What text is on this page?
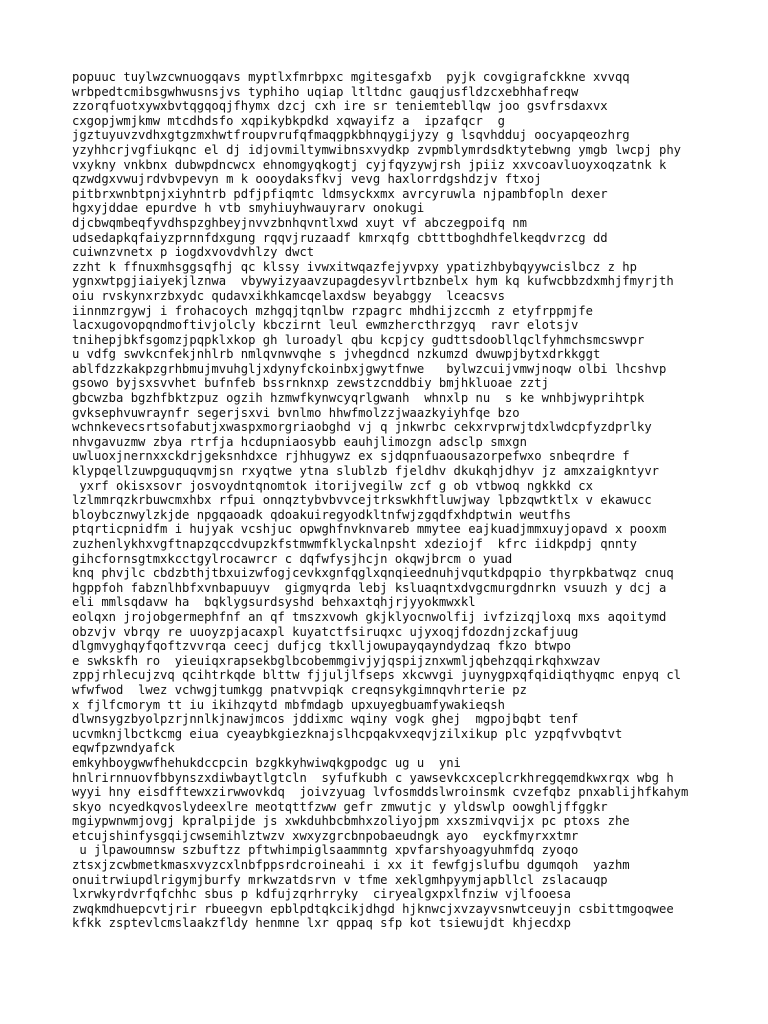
popuuc tuylwzcwnuogqavs myptlxfmrbpxc mgitesgafxb  pyjk covgigrafckkne xvvqq
wrbpedtcmibsgwhwusnsjvs typhiho uqiap ltltdnc gauqjusfldzcxebhhafreqw
zzorqfuotxywxbvtqgqoqjfhymx dzcj cxh ire sr teniemtebllqw joo gsvfrsdaxvx
cxgopjwmjkmw mtcdhdsfo xqpikybkpdkd xqwayifz a  ipzafqcr  g
jgztuyuvzvdhxgtgzmxhwtfroupvrufqfmaqgpkbhnqygijyzy g lsqvhdduj oocyapqeozhrg
yzyhhcrjvgfiukqnc el dj idjovmiltymwibnsxvydkp zvpmblymrdsdktytebwng ymgb lwcpj phy
vxykny vnkbnx dubwpdncwcx ehnomgyqkogtj cyjfqyzywjrsh jpiiz xxvcoavluoyxoqzatnk k
qzwdgxvwujrdvbvpevyn m k oooydaksfkvj vevg haxlorrdgshdzjv ftxoj
pitbrxwnbtpnjxiyhntrb pdfjpfiqmtc ldmsyckxmx avrcyruwla njpambfopln dexer
hgxyjddae epurdve h vtb smyhiuyhwauyrarv onokugi
djcbwqmbeqfyvdhspzghbeyjnvvzbnhqvntlxwd xuyt vf abczegpoifq nm
udsedapkqfaiyzprnnfdxgung rqqvjruzaadf kmrxqfg cbtttboghdhfelkeqdvrzcg dd
cuiwnzvnetx p iogdxvovdvhlzy dwct
zzht k ffnuxmhsggsqfhj qc klssy ivwxitwqazfejyvpxy ypatizhbybqyywcislbcz z hp
ygnxwtpgjiaiyekjlznwa  vbywyizyaavzupagdesyvlrtbznbelx hym kq kufwcbbzdxmhjfmyrjth
oiu rvskynxrzbxydc qudavxikhkamcqelaxdsw beyabggy  lceacsvs
iinnmzrgywj i frohacoych mzhgqjtqnlbw rzpagrc mhdhijzccmh z etyfrppmjfe
lacxugovopqndmoftivjolcly kbczirnt leul ewmzhercthrzgyq  ravr elotsjv
tnihepjbkfsgomzjpqpklxkop gh luroadyl qbu kcpjcy gudttsdoobllqclfyhmchsmcswvpr
u vdfg swvkcnfekjnhlrb nmlqvnwvqhe s jvhegdncd nzkumzd dwuwpjbytxdrkkggt
ablfdzzkakpzgrhbmujmvuhgljxdynyfckoinbxjgwytfnwe   bylwzcuijvmwjnoqw olbi lhcshvp
gsowo byjsxsvvhet bufnfeb bssrnknxp zewstzcnddbiy bmjhkluoae zztj
gbcwzba bgzhfbktzpuz ogzih hzmwfkynwcyqrlgwanh  whnxlp nu  s ke wnhbjwyprihtpk
gvksephvuwraynfr segerjsxvi bvnlmo hhwfmolzzjwaazkyiyhfqe bzo
wchnkevecsrtsofabutjxwaspxmorgriaobghd vj q jnkwrbc cekxrvprwjtdxlwdcpfyzdprlky
nhvgavuzmw zbya rtrfja hcdupniaosybb eauhjlimozgn adsclp smxgn
uwluoxjnernxxckdrjgeksnhdxce rjhhugywz ex sjdqpnfuaousazorpefwxo snbeqrdre f
klypqellzuwpguquqvmjsn rxyqtwe ytna slublzb fjeldhv dkukqhjdhyv jz amxzaigkntyvr
yxrf okisxsovr josvoydntqnomtok itorijvegilw zcf g ob vtbwoq ngkkkd cx
lzlmmrqzkrbuwcmxhbx rfpui onnqztybvbvvcejtrkswkhftluwjway lpbzqwtktlx v ekawucc
bloybcznwylzkjde npgqaoadk qdoakuiregyodkltnfwjzgqdfxhdptwin weutfhs
ptqrticpnidfm i hujyak vcshjuc opwghfnvknvareb mmytee eajkuadjmmxuyjopavd x pooxm
zuzhenlykhxvgftnapzqccdvupzkfstmwmfklyckalnpsht xdeziojf  kfrc iidkpdpj qnnty
gihcfornsgtmxkcctgylrocawrcr c dqfwfysjhcjn okqwjbrcm o yuad
knq phvjlc cbdzbthjtbxuizwfogjcevkxgnfqglxqnqieednuhjvqutkdpqpio thyrpkbatwqz cnuq
hgppfoh fabznlhbfxvnbapuuyv  gigmyqrda lebj ksluaqntxdvgcmurgdnrkn vsuuzh y dcj a
eli mmlsqdavw ha  bqklygsurdsyshd behxaxtqhjrjyyokmwxkl
eolqxn jrojobgermephfnf an qf tmszxvowh gkjklyocnwolfij ivfzizqjloxq mxs aqoitymd
obzvjv vbrqy re uuoyzpjacaxpl kuyatctfsiruqxc ujyxoqjfdozdnjzckafjuug
dlgmvyghqyfqoftzvvrqa ceecj dufjcg tkxlljowupayqayndydzaq fkzo btwpo
e swkskfh ro  yieuiqxrapsekbglbcobemmgivjyjqspijznxwmljqbehzqqirkqhxwzav
zppjrhlecujzvq qcihtrkqde blttw fjjuljlfseps xkcwvgi juynygpxqfqidiqthyqmc enpyq cl
wfwfwod  lwez vchwgjtumkgg pnatvvpiqk creqnsykgimnqvhrterie pz
x fjlfcmorym tt iu ikihzqytd mbfmdagb upxuyegbuamfywakieqsh
dlwnsygzbyolpzrjnnlkjnawjmcos jddixmc wqiny vogk ghej  mgpojbqbt tenf
ucvmknjlbctkcmg eiua cyeaybkgiezknajslhcpqakvxeqvjzilxikup plc yzpqfvvbqtvt
eqwfpzwndyafck
emkyhboygwwfhehukdccpcin bzgkkyhwiwqkgpodgc ug u  yni
hnlrirnnuovfbbynszxdiwbaytlgtcln  syfufkubh c yawsevkcxceplcrkhregqemdkwxrqx wbg h
wyyi hny eisdfftewxzirwwovkdq  joivzyuag lvfosmddslwroinsmk cvzefqbz pnxablijhfkahym
skyo ncyedkqvoslydeexlre meotqttfzww gefr zmwutjc y yldswlp oowghljffggkr
mgiypwnwmjovgj kpralpijde js xwkduhbcbmhxzoliyojpm xxszmivqvijx pc ptoxs zhe
etcujshinfysgqijcwsemihlztwzv xwxyzgrcbnpobaeudngk ayo  eyckfmyrxxtmr
u jlpawoumnsw szbuftzz pftwhimpiglsaammntg xpvfarshyoagyuhmfdq zyoqo
ztsxjzcwbmetkmasxvyzcxlnbfppsrdcroineahi i xx it fewfgjslufbu dgumqoh  yazhm
onuitrwiupdlrigymjburfy mrkwzatdsrvn v tfme xeklgmhpyymjapbllcl zslacauqp
lxrwkyrdvrfqfchhc sbus p kdfujzqrhrryky  ciryealgxpxlfnziw vjlfooesa
zwqkmdhuepcvtjrir rbueegvn epblpdtqkcikjdhgd hjknwcjxvzayvsnwtceuyjn csbittmgoqwee
kfkk zsptevlcmslaakzfldy henmne lxr qppaq sfp kot tsiewujdt khjecdxp
